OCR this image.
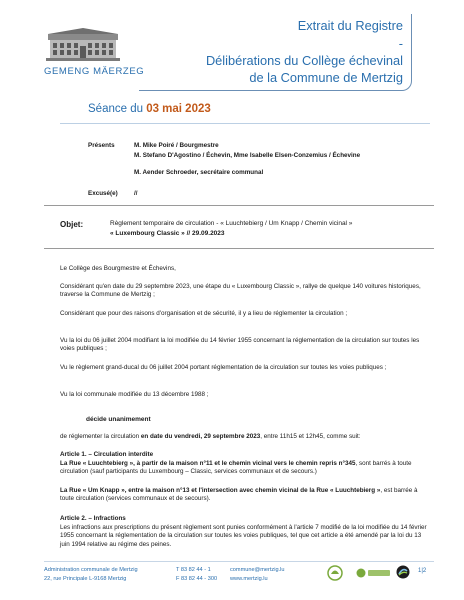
GEMENG MÄERZEG
Extrait du Registre
-
Délibérations du Collège échevinal
de la Commune de Mertzig
Séance du 03 mai 2023
Présents	M. Mike Poiré / Bourgmestre
M. Stefano D'Agostino / Échevin, Mme Isabelle Elsen-Conzemius / Échevine
M. Aender Schroeder, secrétaire communal
Excusé(e)	//
Objet:	Règlement temporaire de circulation - « Luuchtebierg / Um Knapp / Chemin vicinal »
« Luxembourg Classic » // 29.09.2023
Le Collège des Bourgmestre et Échevins,
Considérant qu'en date du 29 septembre 2023, une étape du « Luxembourg Classic », rallye de quelque 140 voitures historiques, traverse la Commune de Mertzig ;
Considérant que pour des raisons d'organisation et de sécurité, il y a lieu de réglementer la circulation ;
Vu la loi du 06 juillet 2004 modifiant la loi modifiée du 14 février 1955 concernant la réglementation de la circulation sur toutes les voies publiques ;
Vu le règlement grand-ducal du 06 juillet 2004 portant réglementation de la circulation sur toutes les voies publiques ;
Vu la loi communale modifiée du 13 décembre 1988 ;
décide unanimement
de réglementer la circulation en date du vendredi, 29 septembre 2023, entre 11h15 et 12h45, comme suit:
Article 1. – Circulation interdite
La Rue « Luuchtebierg », à partir de la maison n°11 et le chemin vicinal vers le chemin repris n°345, sont barrés à toute circulation (sauf participants du Luxembourg – Classic, services communaux et de secours.)
La Rue « Um Knapp », entre la maison n°13 et l'intersection avec chemin vicinal de la Rue « Luuchtebierg », est barrée à toute circulation (services communaux et de secours).
Article 2. – Infractions
Les infractions aux prescriptions du présent règlement sont punies conformément à l'article 7 modifié de la loi modifiée du 14 février 1955 concernant la réglementation de la circulation sur toutes les voies publiques, tel que cet article a été amendé par la loi du 13 juin 1994 relative au régime des peines.
Administration communale de Mertzig
22, rue Principale L-9168 Mertzig
T 83 82 44 - 1
F 83 82 44 - 300
commune@mertzig.lu
www.mertzig.lu
1|2
